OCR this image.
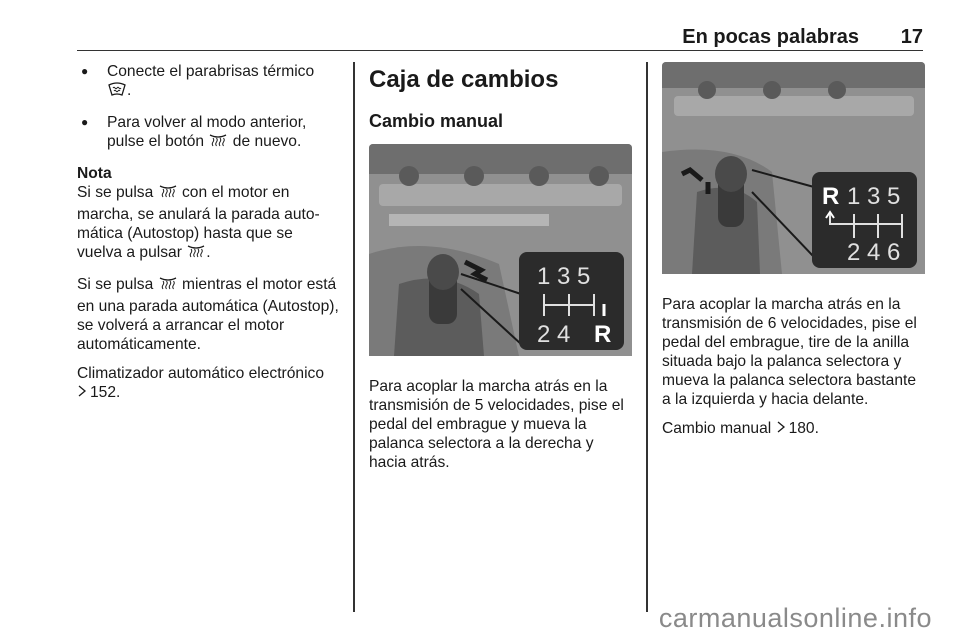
En pocas palabras 17
● Conecte el parabrisas térmico
.
● Para volver al modo anterior, pulse el botón de nuevo.

Nota

Si se pulsa con el motor en marcha, se anulará la parada automática (Autostop) hasta que se vuelva a pulsar .

Si se pulsa mientras el motor está en una parada automática (Autostop), se volverá a arrancar el motor automáticamente.

Climatizador automático electrónico
152.

Caja de cambios
Cambio manual
1 3 5
2 4 R

Para acoplar la marcha atrás en la transmisión de 5 velocidades, pise el pedal del embrague y mueva la palanca selectora a la derecha y hacia atrás.

R 1 3 5
2 4 6

Para acoplar la marcha atrás en la transmisión de 6 velocidades, pise el pedal del embrague, tire de la anilla situada bajo la palanca selectora y mueva la palanca selectora bastante a la izquierda y hacia delante.

Cambio manual 180.

carmanualsonline.info
